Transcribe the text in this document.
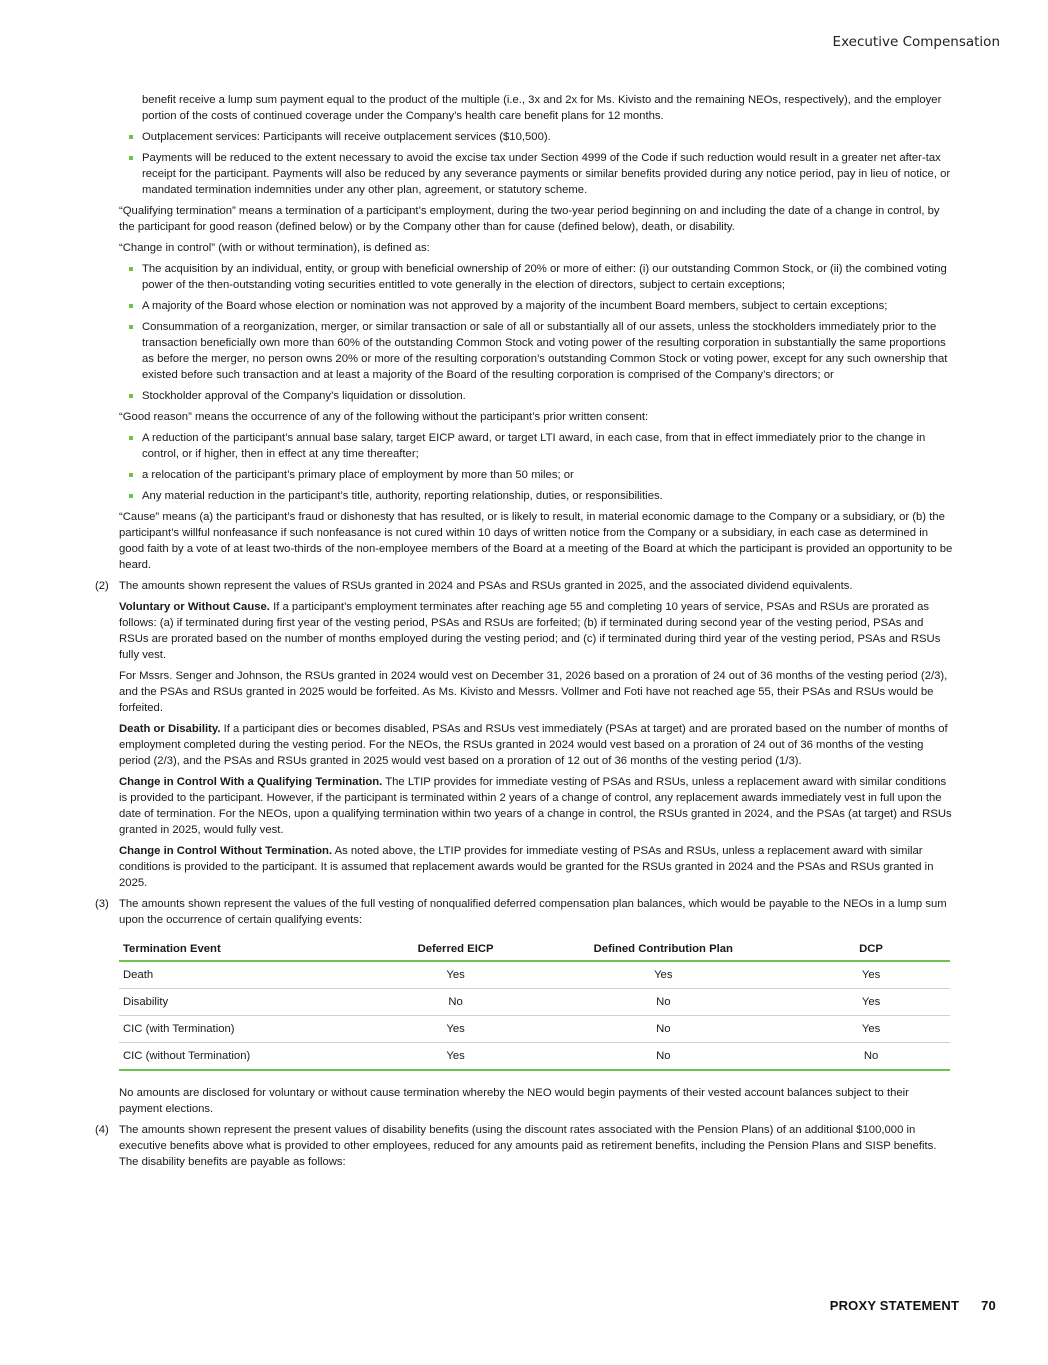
Executive Compensation

benefit receive a lump sum payment equal to the product of the multiple (i.e., 3x and 2x for Ms. Kivisto and the remaining NEOs, respectively), and the employer portion of the costs of continued coverage under the Company’s health care benefit plans for 12 months.

Outplacement services: Participants will receive outplacement services ($10,500).
Payments will be reduced to the extent necessary to avoid the excise tax under Section 4999 of the Code if such reduction would result in a greater net after-tax receipt for the participant. Payments will also be reduced by any severance payments or similar benefits provided during any notice period, pay in lieu of notice, or mandated termination indemnities under any other plan, agreement, or statutory scheme.

“Qualifying termination” means a termination of a participant’s employment, during the two-year period beginning on and including the date of a change in control, by the participant for good reason (defined below) or by the Company other than for cause (defined below), death, or disability.

“Change in control” (with or without termination), is defined as:

The acquisition by an individual, entity, or group with beneficial ownership of 20% or more of either: (i) our outstanding Common Stock, or (ii) the combined voting power of the then-outstanding voting securities entitled to vote generally in the election of directors, subject to certain exceptions;
A majority of the Board whose election or nomination was not approved by a majority of the incumbent Board members, subject to certain exceptions;
Consummation of a reorganization, merger, or similar transaction or sale of all or substantially all of our assets, unless the stockholders immediately prior to the transaction beneficially own more than 60% of the outstanding Common Stock and voting power of the resulting corporation in substantially the same proportions as before the merger, no person owns 20% or more of the resulting corporation’s outstanding Common Stock or voting power, except for any such ownership that existed before such transaction and at least a majority of the Board of the resulting corporation is comprised of the Company’s directors; or
Stockholder approval of the Company’s liquidation or dissolution.

“Good reason” means the occurrence of any of the following without the participant’s prior written consent:

A reduction of the participant’s annual base salary, target EICP award, or target LTI award, in each case, from that in effect immediately prior to the change in control, or if higher, then in effect at any time thereafter;
a relocation of the participant’s primary place of employment by more than 50 miles; or
Any material reduction in the participant’s title, authority, reporting relationship, duties, or responsibilities.

“Cause” means (a) the participant’s fraud or dishonesty that has resulted, or is likely to result, in material economic damage to the Company or a subsidiary, or (b) the participant’s willful nonfeasance if such nonfeasance is not cured within 10 days of written notice from the Company or a subsidiary, in each case as determined in good faith by a vote of at least two-thirds of the non-employee members of the Board at a meeting of the Board at which the participant is provided an opportunity to be heard.

(2) The amounts shown represent the values of RSUs granted in 2024 and PSAs and RSUs granted in 2025, and the associated dividend equivalents.

Voluntary or Without Cause. If a participant’s employment terminates after reaching age 55 and completing 10 years of service, PSAs and RSUs are prorated as follows: (a) if terminated during first year of the vesting period, PSAs and RSUs are forfeited; (b) if terminated during second year of the vesting period, PSAs and RSUs are prorated based on the number of months employed during the vesting period; and (c) if terminated during third year of the vesting period, PSAs and RSUs fully vest.

For Mssrs. Senger and Johnson, the RSUs granted in 2024 would vest on December 31, 2026 based on a proration of 24 out of 36 months of the vesting period (2/3), and the PSAs and RSUs granted in 2025 would be forfeited. As Ms. Kivisto and Messrs. Vollmer and Foti have not reached age 55, their PSAs and RSUs would be forfeited.

Death or Disability. If a participant dies or becomes disabled, PSAs and RSUs vest immediately (PSAs at target) and are prorated based on the number of months of employment completed during the vesting period. For the NEOs, the RSUs granted in 2024 would vest based on a proration of 24 out of 36 months of the vesting period (2/3), and the PSAs and RSUs granted in 2025 would vest based on a proration of 12 out of 36 months of the vesting period (1/3).

Change in Control With a Qualifying Termination. The LTIP provides for immediate vesting of PSAs and RSUs, unless a replacement award with similar conditions is provided to the participant. However, if the participant is terminated within 2 years of a change of control, any replacement awards immediately vest in full upon the date of termination. For the NEOs, upon a qualifying termination within two years of a change in control, the RSUs granted in 2024, and the PSAs (at target) and RSUs granted in 2025, would fully vest.

Change in Control Without Termination. As noted above, the LTIP provides for immediate vesting of PSAs and RSUs, unless a replacement award with similar conditions is provided to the participant. It is assumed that replacement awards would be granted for the RSUs granted in 2024 and the PSAs and RSUs granted in 2025.

(3) The amounts shown represent the values of the full vesting of nonqualified deferred compensation plan balances, which would be payable to the NEOs in a lump sum upon the occurrence of certain qualifying events:

Termination Event	Deferred EICP	Defined Contribution Plan	DCP
Death	Yes	Yes	Yes
Disability	No	No	Yes
CIC (with Termination)	Yes	No	Yes
CIC (without Termination)	Yes	No	No

No amounts are disclosed for voluntary or without cause termination whereby the NEO would begin payments of their vested account balances subject to their payment elections.

(4) The amounts shown represent the present values of disability benefits (using the discount rates associated with the Pension Plans) of an additional $100,000 in executive benefits above what is provided to other employees, reduced for any amounts paid as retirement benefits, including the Pension Plans and SISP benefits. The disability benefits are payable as follows:

PROXY STATEMENT 70
